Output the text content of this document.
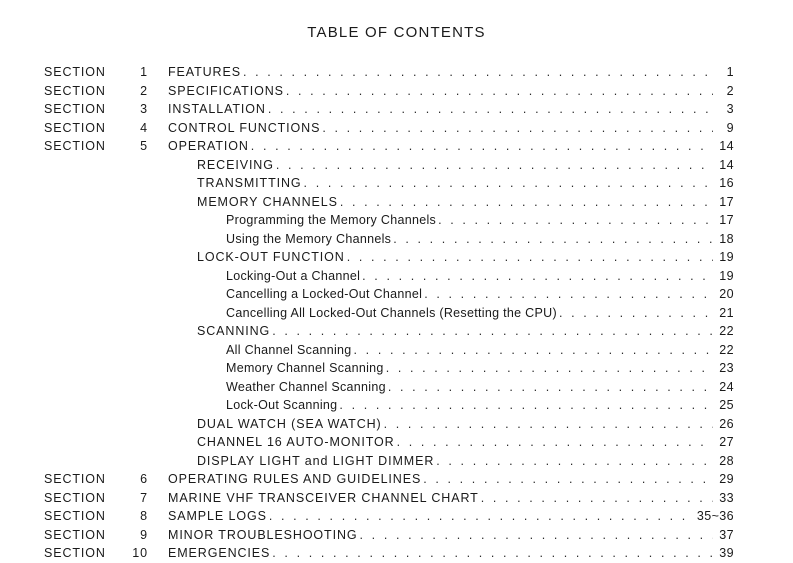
TABLE OF CONTENTS
SECTION	1 FEATURES . . .	1
SECTION	2 SPECIFICATIONS . . .	2
SECTION	3 INSTALLATION . . .	3
SECTION	4 CONTROL FUNCTIONS . . .	9
SECTION	5 OPERATION . . .	14
RECEIVING . . .	14
TRANSMITTING . . .	16
MEMORY CHANNELS . . .	17
Programming the Memory Channels . . .	17
Using the Memory Channels . . .	18
LOCK-OUT FUNCTION . . .	19
Locking-Out a Channel . . .	19
Cancelling a Locked-Out Channel . . .	20
Cancelling All Locked-Out Channels (Resetting the CPU) . . .	21
SCANNING . . .	22
All Channel Scanning . . .	22
Memory Channel Scanning . . .	23
Weather Channel Scanning . . .	24
Lock-Out Scanning . . .	25
DUAL WATCH (SEA WATCH) . . .	26
CHANNEL 16 AUTO-MONITOR . . .	27
DISPLAY LIGHT and LIGHT DIMMER . . .	28
SECTION	6 OPERATING RULES AND GUIDELINES . . .	29
SECTION	7 MARINE VHF TRANSCEIVER CHANNEL CHART . . .	33
SECTION	8 SAMPLE LOGS . . .	35~36
SECTION	9 MINOR TROUBLESHOOTING . . .	37
SECTION	10 EMERGENCIES . . .	39
